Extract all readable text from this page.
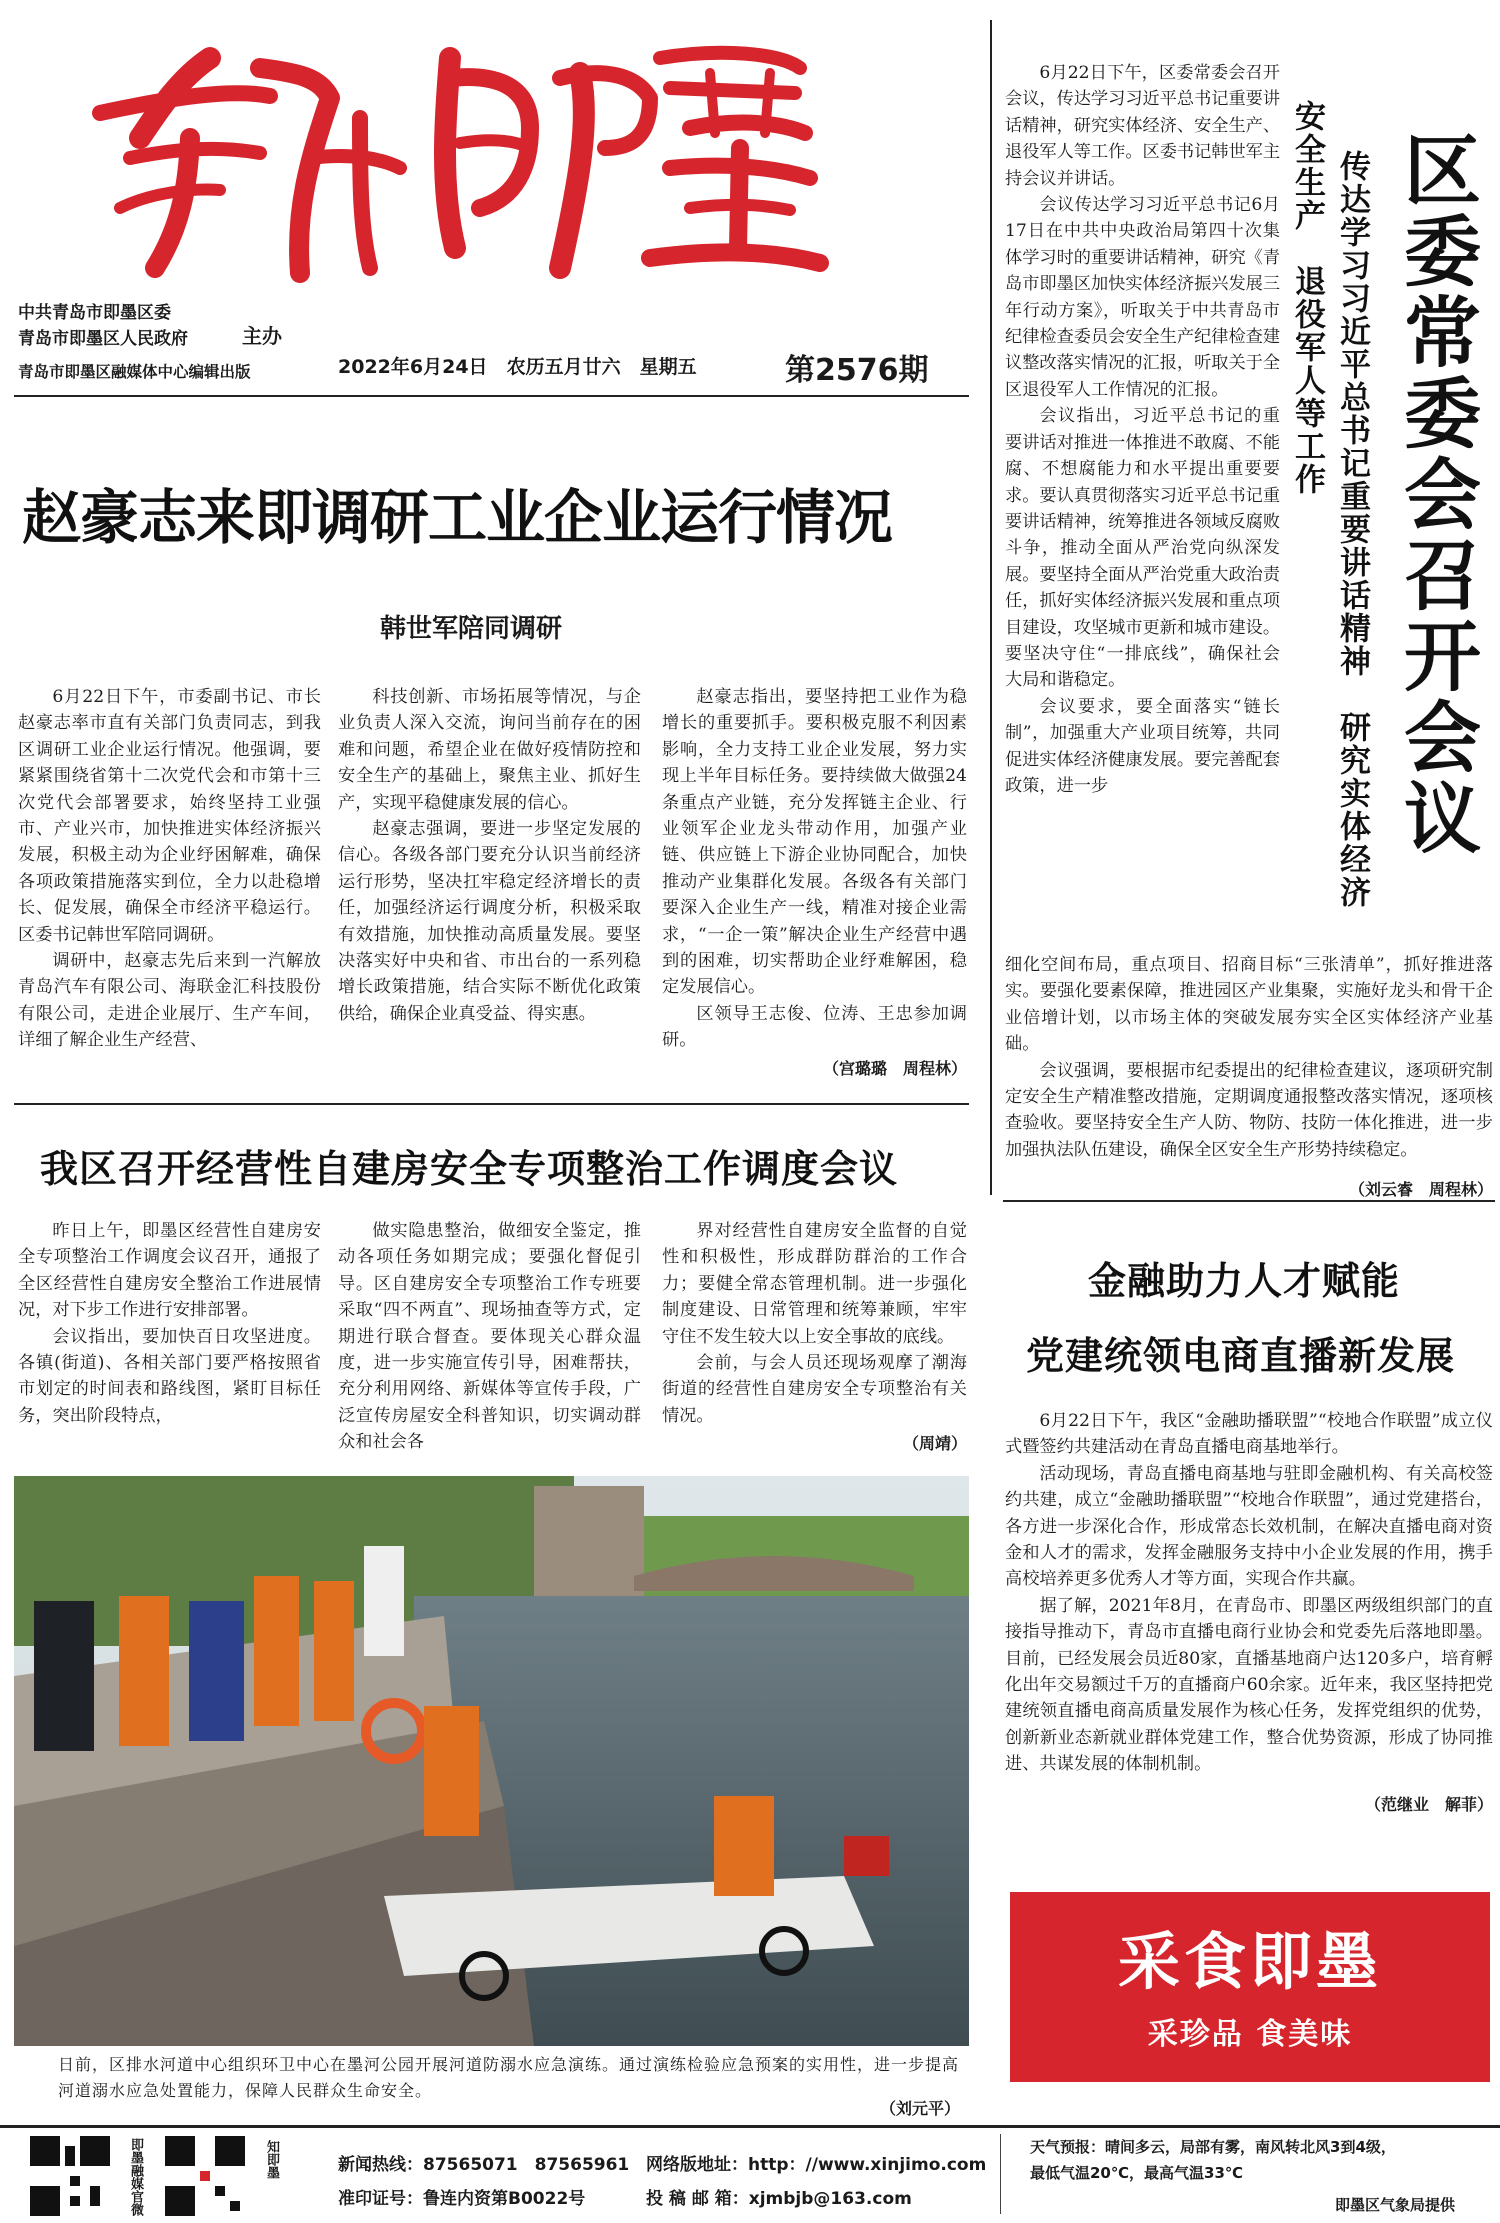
中共青岛市即墨区委
青岛市即墨区人民政府	主办
青岛市即墨区融媒体中心编辑出版	2022年6月24日　 农历五月廿六　 星期五	第2576期
赵豪志来即调研工业企业运行情况
韩世军陪同调研

6月22日下午，市委副书记、市长赵豪志率市直有关部门负责同志，到我区调研工业企业运行情况。他强调，要紧紧围绕省第十二次党代会和市第十三次党代会部署要求，始终坚持工业强市、产业兴市，加快推进实体经济振兴发展，积极主动为企业纾困解难，确保各项政策措施落实到位，全力以赴稳增长、促发展，确保全市经济平稳运行。区委书记韩世军陪同调研。

调研中，赵豪志先后来到一汽解放青岛汽车有限公司、海联金汇科技股份有限公司，走进企业展厅、生产车间，详细了解企业生产经营、

科技创新、市场拓展等情况，与企业负责人深入交流，询问当前存在的困难和问题，希望企业在做好疫情防控和安全生产的基础上，聚焦主业、抓好生产，实现平稳健康发展的信心。

赵豪志强调，要进一步坚定发展的信心。各级各部门要充分认识当前经济运行形势，坚决扛牢稳定经济增长的责任，加强经济运行调度分析，积极采取有效措施，加快推动高质量发展。要坚决落实好中央和省、市出台的一系列稳增长政策措施，结合实际不断优化政策供给，确保企业真受益、得实惠。

赵豪志指出，要坚持把工业作为稳增长的重要抓手。要积极克服不利因素影响，全力支持工业企业发展，努力实现上半年目标任务。要持续做大做强24条重点产业链，充分发挥链主企业、行业领军企业龙头带动作用，加强产业链、供应链上下游企业协同配合，加快推动产业集群化发展。各级各有关部门要深入企业生产一线，精准对接企业需求，“一企一策”解决企业生产经营中遇到的困难，切实帮助企业纾难解困，稳定发展信心。

区领导王志俊、位涛、王忠参加调研。

（宫璐璐　周程林）
我区召开经营性自建房安全专项整治工作调度会议

昨日上午，即墨区经营性自建房安全专项整治工作调度会议召开，通报了全区经营性自建房安全整治工作进展情况，对下步工作进行安排部署。

会议指出，要加快百日攻坚进度。各镇(街道)、各相关部门要严格按照省市划定的时间表和路线图，紧盯目标任务，突出阶段特点，

做实隐患整治，做细安全鉴定，推动各项任务如期完成；要强化督促引导。区自建房安全专项整治工作专班要采取“四不两直”、现场抽查等方式，定期进行联合督查。要体现关心群众温度，进一步实施宣传引导，困难帮扶，充分利用网络、新媒体等宣传手段，广泛宣传房屋安全科普知识，切实调动群众和社会各

界对经营性自建房安全监督的自觉性和积极性，形成群防群治的工作合力；要健全常态管理机制。进一步强化制度建设、日常管理和统筹兼顾，牢牢守住不发生较大以上安全事故的底线。

会前，与会人员还现场观摩了潮海街道的经营性自建房安全专项整治有关情况。

（周靖）
日前，区排水河道中心组织环卫中心在墨河公园开展河道防溺水应急演练。通过演练检验应急预案的实用性，进一步提高河道溺水应急处置能力，保障人民群众生命安全。
（刘元平）
区委常委会召开会议
传达学习习近平总书记重要讲话精神　研究实体经济
安全生产　退役军人等工作

6月22日下午，区委常委会召开会议，传达学习习近平总书记重要讲话精神，研究实体经济、安全生产、退役军人等工作。区委书记韩世军主持会议并讲话。

会议传达学习习近平总书记6月17日在中共中央政治局第四十次集体学习时的重要讲话精神，研究《青岛市即墨区加快实体经济振兴发展三年行动方案》，听取关于中共青岛市纪律检查委员会安全生产纪律检查建议整改落实情况的汇报，听取关于全区退役军人工作情况的汇报。

会议指出，习近平总书记的重要讲话对推进一体推进不敢腐、不能腐、不想腐能力和水平提出重要要求。要认真贯彻落实习近平总书记重要讲话精神，统筹推进各领域反腐败斗争，推动全面从严治党向纵深发展。要坚持全面从严治党重大政治责任，抓好实体经济振兴发展和重点项目建设，攻坚城市更新和城市建设。要坚决守住“一排底线”，确保社会大局和谐稳定。

会议要求，要全面落实“链长制”，加强重大产业项目统筹，共同促进实体经济健康发展。要完善配套政策，进一步

细化空间布局，重点项目、招商目标“三张清单”，抓好推进落实。要强化要素保障，推进园区产业集聚，实施好龙头和骨干企业倍增计划，以市场主体的突破发展夯实全区实体经济产业基础。

会议强调，要根据市纪委提出的纪律检查建议，逐项研究制定安全生产精准整改措施，定期调度通报整改落实情况，逐项核查验收。要坚持安全生产人防、物防、技防一体化推进，进一步加强执法队伍建设，确保全区安全生产形势持续稳定。

（刘云睿　周程林）
金融助力人才赋能
党建统领电商直播新发展

6月22日下午，我区“金融助播联盟”“校地合作联盟”成立仪式暨签约共建活动在青岛直播电商基地举行。

活动现场，青岛直播电商基地与驻即金融机构、有关高校签约共建，成立“金融助播联盟”“校地合作联盟”，通过党建搭台，各方进一步深化合作，形成常态长效机制，在解决直播电商对资金和人才的需求，发挥金融服务支持中小企业发展的作用，携手高校培养更多优秀人才等方面，实现合作共赢。

据了解，2021年8月，在青岛市、即墨区两级组织部门的直接指导推动下，青岛市直播电商行业协会和党委先后落地即墨。目前，已经发展会员近80家，直播基地商户达120多户，培育孵化出年交易额过千万的直播商户60余家。近年来，我区坚持把党建统领直播电商高质量发展作为核心任务，发挥党组织的优势，创新新业态新就业群体党建工作，整合优势资源，形成了协同推进、共谋发展的体制机制。

（范继业　解菲）
采食即墨
采珍品 食美味
即墨融媒官微	知即墨	新闻热线：87565071　87565961
准印证号：鲁连内资第B0022号
网络版地址：http：//www.xinjimo.com
投 稿 邮 箱：xjmbjb@163.com
天气预报：晴间多云，局部有雾，南风转北风3到4级，
最低气温20℃，最高气温33℃
即墨区气象局提供
